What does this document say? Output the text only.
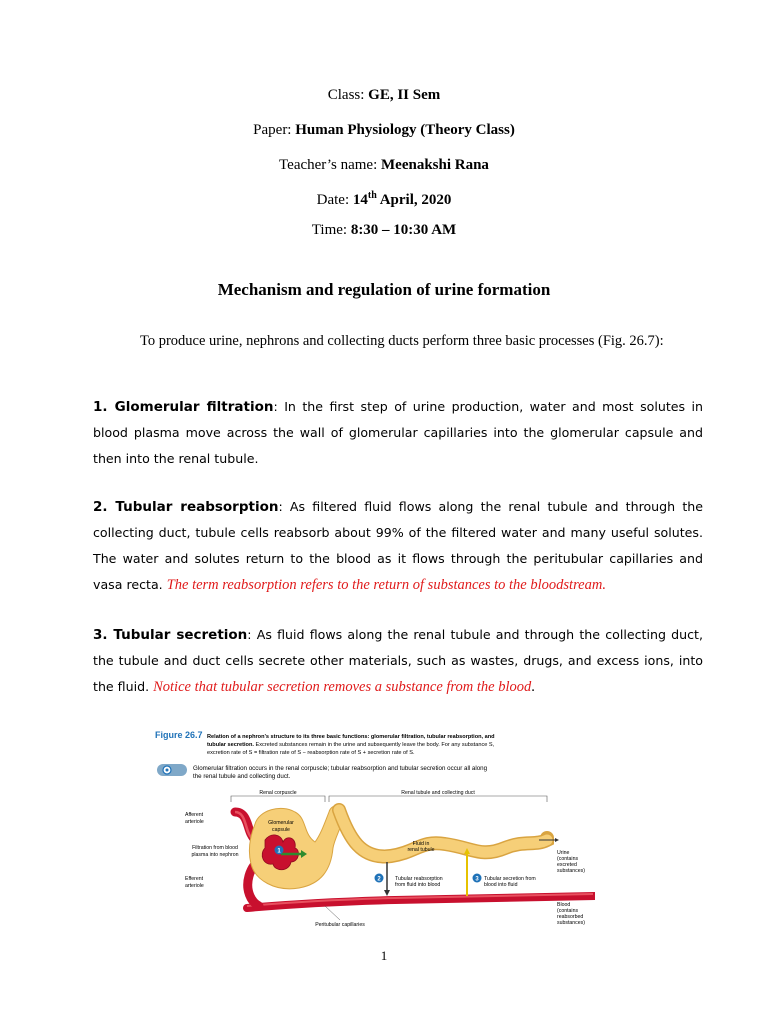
Class: GE, II Sem
Paper: Human Physiology (Theory Class)
Teacher’s name: Meenakshi Rana
Date: 14th April, 2020
Time: 8:30 – 10:30 AM
Mechanism and regulation of urine formation
To produce urine, nephrons and collecting ducts perform three basic processes (Fig. 26.7):
1. Glomerular filtration: In the first step of urine production, water and most solutes in blood plasma move across the wall of glomerular capillaries into the glomerular capsule and then into the renal tubule.
2. Tubular reabsorption: As filtered fluid flows along the renal tubule and through the collecting duct, tubule cells reabsorb about 99% of the filtered water and many useful solutes. The water and solutes return to the blood as it flows through the peritubular capillaries and vasa recta. The term reabsorption refers to the return of substances to the bloodstream.
3. Tubular secretion: As fluid flows along the renal tubule and through the collecting duct, the tubule and duct cells secrete other materials, such as wastes, drugs, and excess ions, into the fluid. Notice that tubular secretion removes a substance from the blood.
Figure 26.7 Relation of a nephron’s structure to its three basic functions: glomerular filtration, tubular reabsorption, and
tubular secretion. Excreted substances remain in the urine and subsequently leave the body. For any substance S,
excretion rate of S = filtration rate of S − reabsorption rate of S + secretion rate of S.
Glomerular filtration occurs in the renal corpuscle; tubular reabsorption and tubular secretion occur all along
the renal tubule and collecting duct.
Renal corpuscle	Renal tubule and collecting duct
1
2	3
Afferent
arteriole
Filtration from blood
plasma into nephron
Efferent
arteriole
Glomerular
capsule
Fluid in
renal tubule
Tubular reabsorption
from fluid into blood
Tubular secretion from
blood into fluid
Urine
(contains
excreted
substances)
Blood
(contains
reabsorbed
substances)
Peritubular capillaries
1
